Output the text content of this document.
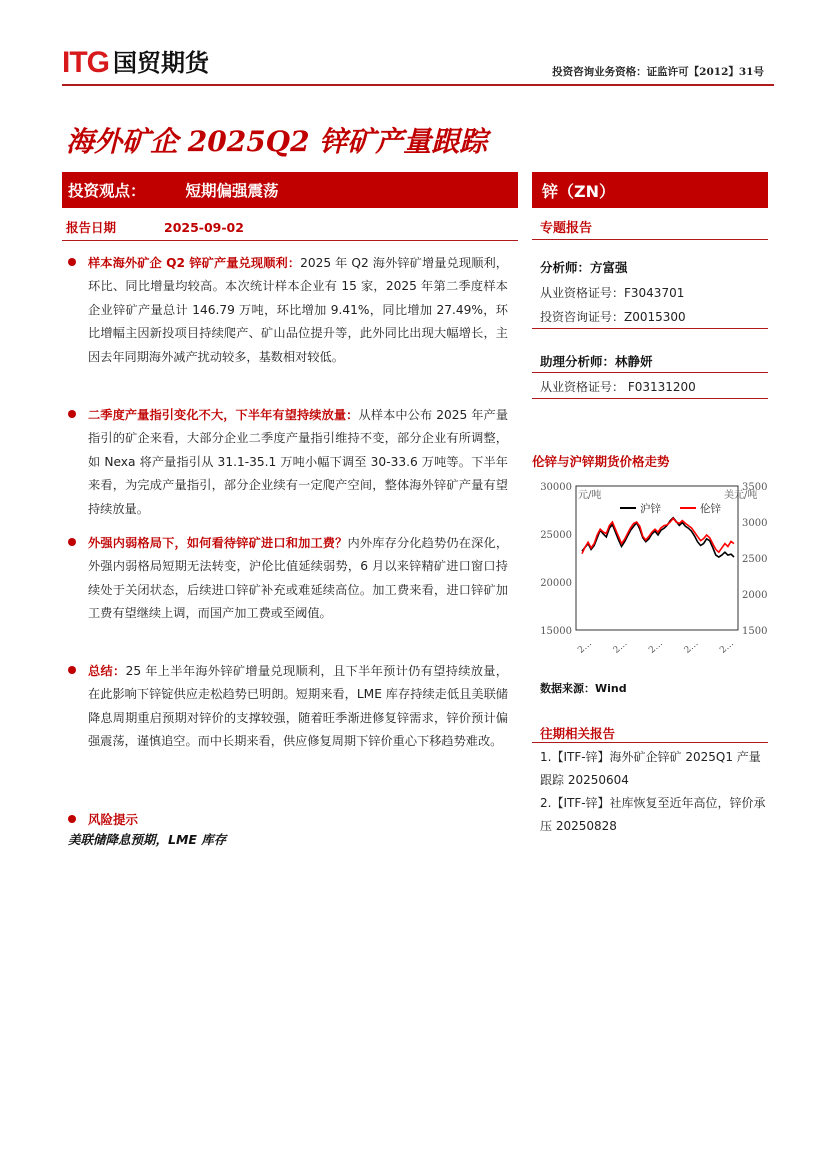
ITG 国贸期货	投资咨询业务资格：证监许可【2012】31号
海外矿企 2025Q2 锌矿产量跟踪
投资观点：	短期偏强震荡	锌（ZN）
报告日期	2025-09-02	专题报告
样本海外矿企 Q2 锌矿产量兑现顺利：2025 年 Q2 海外锌矿增量兑现顺利，环比、同比增量均较高。本次统计样本企业有 15 家，2025 年第二季度样本企业锌矿产量总计 146.79 万吨，环比增加 9.41%，同比增加 27.49%，环比增幅主因新投项目持续爬产、矿山品位提升等，此外同比出现大幅增长，主因去年同期海外减产扰动较多，基数相对较低。
二季度产量指引变化不大，下半年有望持续放量：从样本中公布 2025 年产量指引的矿企来看，大部分企业二季度产量指引维持不变，部分企业有所调整，如 Nexa 将产量指引从 31.1-35.1 万吨小幅下调至 30-33.6 万吨等。下半年来看，为完成产量指引，部分企业续有一定爬产空间，整体海外锌矿产量有望持续放量。
外强内弱格局下，如何看待锌矿进口和加工费？内外库存分化趋势仍在深化，外强内弱格局短期无法转变，沪伦比值延续弱势，6 月以来锌精矿进口窗口持续处于关闭状态，后续进口锌矿补充或难延续高位。加工费来看，进口锌矿加工费有望继续上调，而国产加工费或至阈值。
总结：25 年上半年海外锌矿增量兑现顺利，且下半年预计仍有望持续放量，在此影响下锌锭供应走松趋势已明朗。短期来看，LME 库存持续走低且美联储降息周期重启预期对锌价的支撑较强，随着旺季渐进修复锌需求，锌价预计偏强震荡，谨慎追空。而中长期来看，供应修复周期下锌价重心下移趋势难改。
风险提示
美联储降息预期，LME 库存
分析师：方富强
从业资格证号：F3043701
投资咨询证号：Z0015300
助理分析师：林静妍
从业资格证号： F03131200
伦锌与沪锌期货价格走势
30000
25000
20000
15000
3500
3000
2500
2000
1500
元/吨	美元/吨
2… 2… 2… 2… 2…
沪锌	伦锌
数据来源：Wind
往期相关报告
1.【ITF-锌】海外矿企锌矿 2025Q1 产量跟踪 20250604
2.【ITF-锌】社库恢复至近年高位，锌价承压 20250828
